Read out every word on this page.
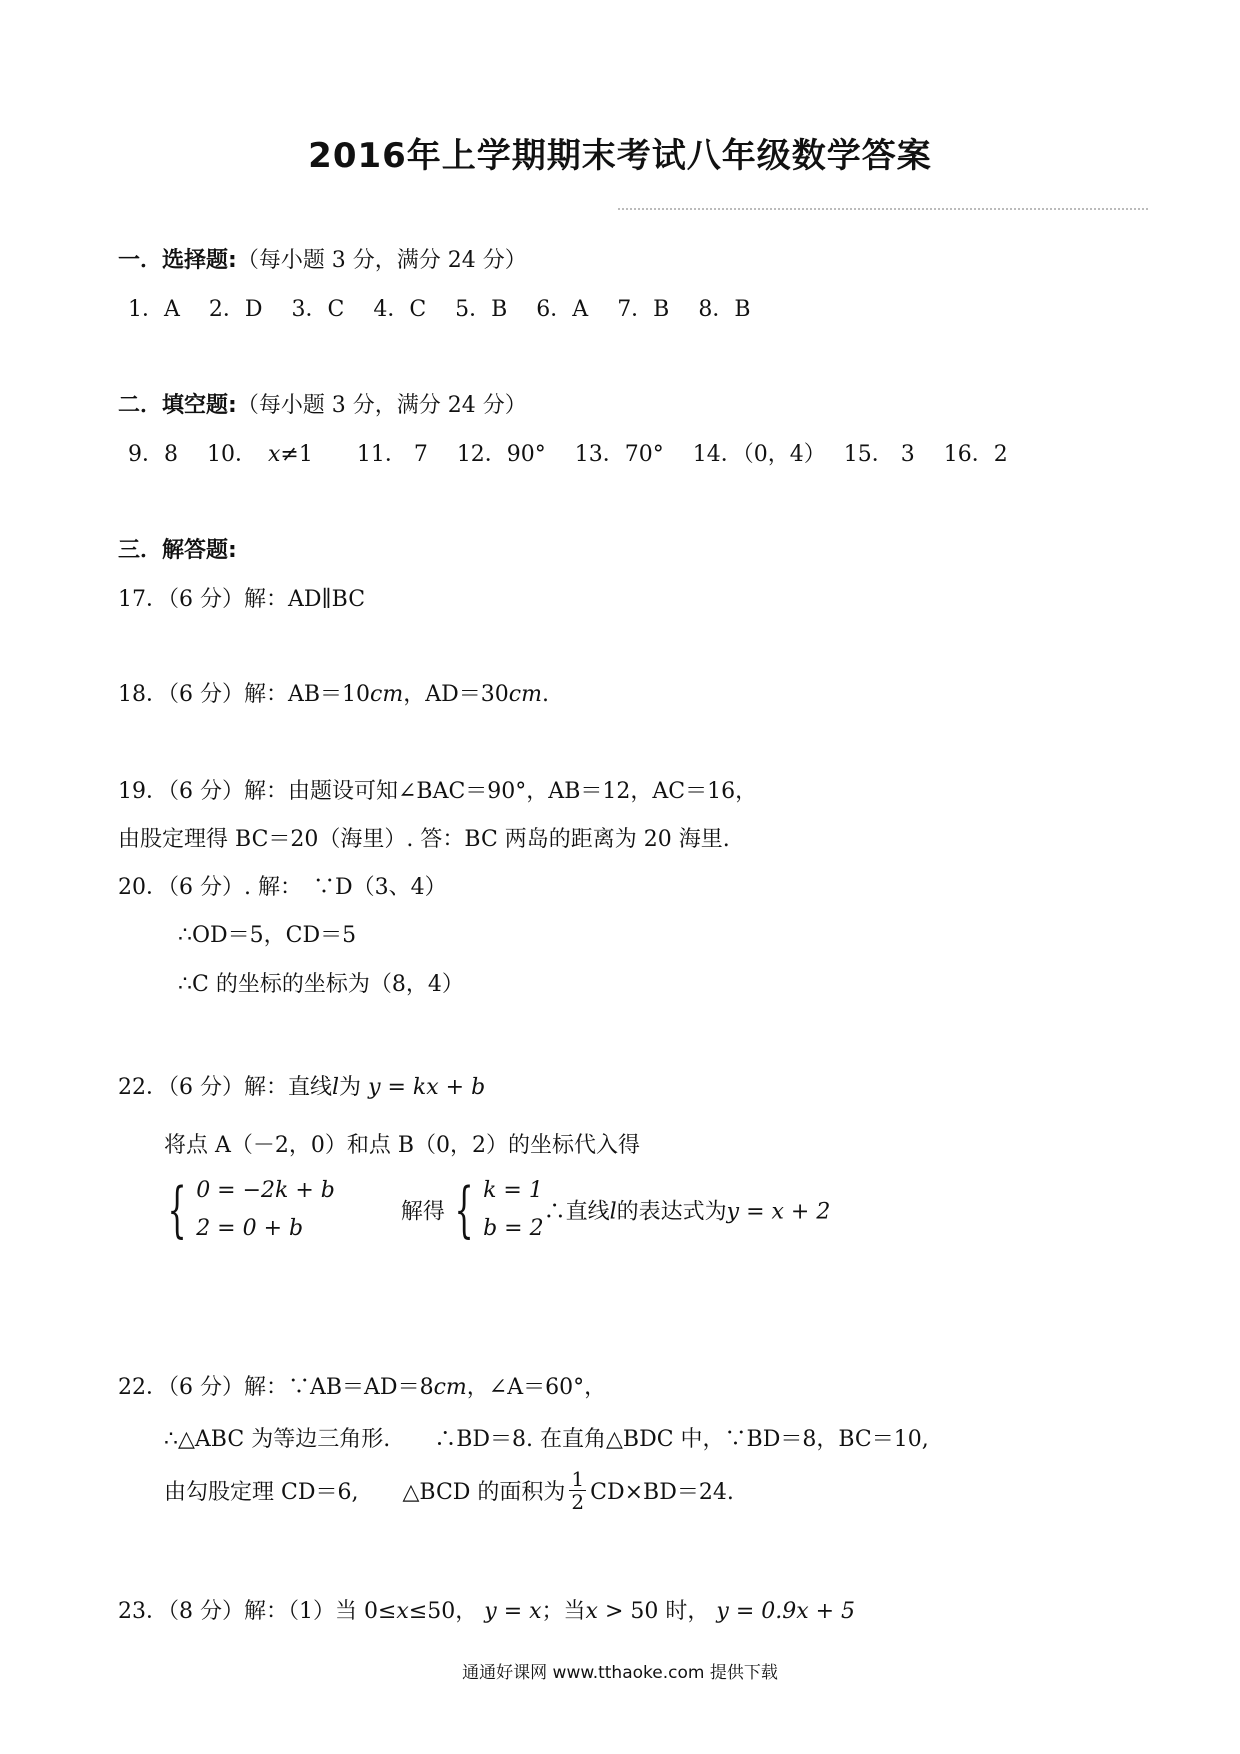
2016年上学期期末考试八年级数学答案
一．选择题:（每小题 3 分，满分 24 分）
1．A　 2．D　 3．C　 4．C　 5．B　 6．A　 7．B　 8．B
二．填空题:（每小题 3 分，满分 24 分）
9．8　 10．　x≠1　　11． 7　 12．90°　 13．70°　 14．（0，4）　 15． 3　 16．2
三．解答题:
17．（6 分）解：AD∥BC
18．（6 分）解：AB＝10cm，AD＝30cm.
19．（6 分）解：由题设可知∠BAC＝90°，AB＝12，AC＝16，
由股定理得 BC＝20（海里）. 答：BC 两岛的距离为 20 海里.
20．（6 分）. 解：　∵D（3、4）
∴OD＝5，CD＝5
∴C 的坐标的坐标为（8，4）
22．（6 分）解：直线l为 y = kx + b
将点 A（－2，0）和点 B（0，2）的坐标代入得
{ 0 = −2k + b
2 = 0 + b  解得 { k = 1
b = 2∴直线l的表达式为y = x + 2
22．（6 分）解：∵AB＝AD＝8cm，∠A＝60°，
∴△ABC 为等边三角形.　　∴BD＝8. 在直角△BDC 中，∵BD＝8，BC＝10,
由勾股定理 CD＝6,　　△BCD 的面积为 $\frac{1}{2} CD\times BD=24$.
23．（8 分）解：（1）当 0≤x≤50， y = x；当x > 50 时， y = 0.9x + 5
通通好课网 www.tthaoke.com 提供下载
